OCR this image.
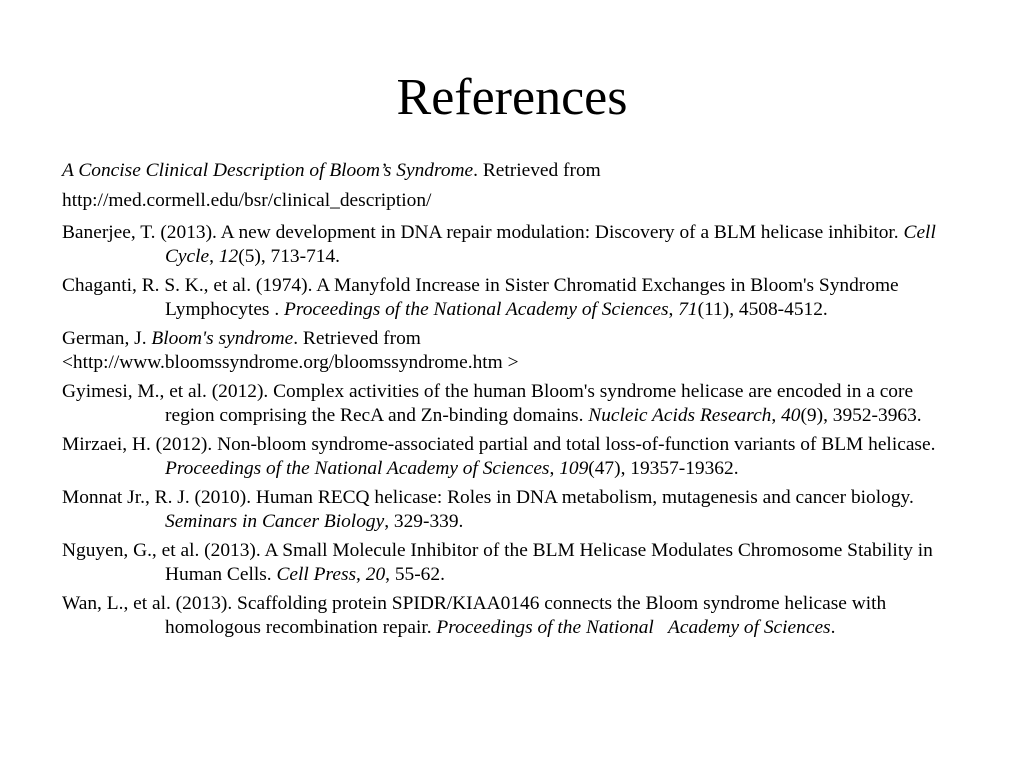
References
A Concise Clinical Description of Bloom’s Syndrome. Retrieved from
http://med.cormell.edu/bsr/clinical_description/
Banerjee, T. (2013). A new development in DNA repair modulation: Discovery of a BLM helicase inhibitor. Cell Cycle, 12(5), 713-714.
Chaganti, R. S. K., et al. (1974). A Manyfold Increase in Sister Chromatid Exchanges in Bloom's Syndrome Lymphocytes . Proceedings of the National Academy of Sciences, 71(11), 4508-4512.
German, J. Bloom's syndrome. Retrieved from
<http://www.bloomssyndrome.org/bloomssyndrome.htm >
Gyimesi, M., et al. (2012). Complex activities of the human Bloom's syndrome helicase are encoded in a core region comprising the RecA and Zn-binding domains. Nucleic Acids Research, 40(9), 3952-3963.
Mirzaei, H. (2012). Non-bloom syndrome-associated partial and total loss-of-function variants of BLM helicase. Proceedings of the National Academy of Sciences, 109(47), 19357-19362.
Monnat Jr., R. J. (2010). Human RECQ helicase: Roles in DNA metabolism, mutagenesis and cancer biology. Seminars in Cancer Biology, 329-339.
Nguyen, G., et al. (2013). A Small Molecule Inhibitor of the BLM Helicase Modulates Chromosome Stability in Human Cells. Cell Press, 20, 55-62.
Wan, L., et al. (2013). Scaffolding protein SPIDR/KIAA0146 connects the Bloom syndrome helicase with homologous recombination repair. Proceedings of the National   Academy of Sciences.
